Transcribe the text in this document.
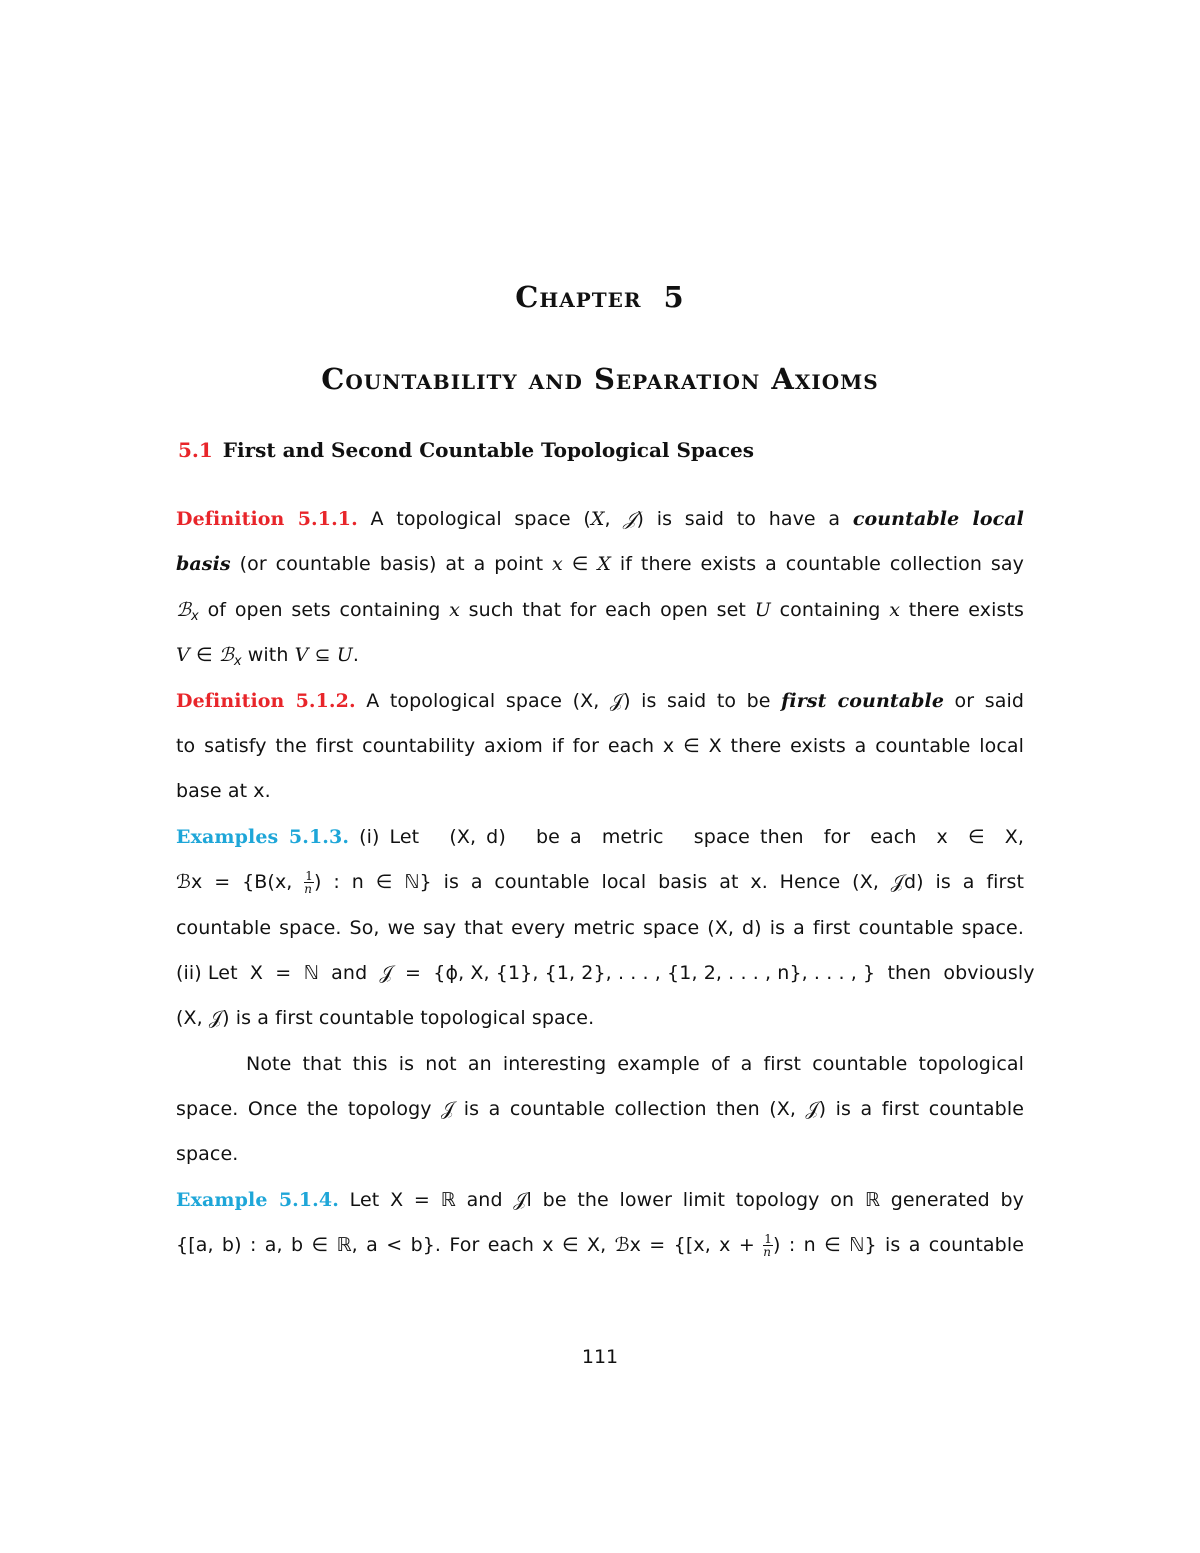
Chapter 5
Countability and Separation Axioms
5.1 First and Second Countable Topological Spaces
Definition 5.1.1. A topological space (X, 𝒥) is said to have a countable local
basis (or countable basis) at a point x ∈ X if there exists a countable collection say
ℬ$_x$ of open sets containing x such that for each open set U containing x there exists
V ∈ ℬ$_x$ with V ⊆ U.
Definition 5.1.2. A topological space (X, 𝒥) is said to be first countable or said
to satisfy the first countability axiom if for each x ∈ X there exists a countable local
base at x.
Examples 5.1.3. (i) Let   (X, d)   be a  metric   space then  for  each  x  ∈  X,
ℬx = {B(x, $\frac{1}{n}$ ) : n ∈ ℕ} is a countable local basis at x. Hence (X, 𝒥d) is a first
countable space. So, we say that every metric space (X, d) is a first countable space.
(ii) Let  X  =  ℕ  and  𝒥  =  {ϕ, X, {1}, {1, 2}, . . . , {1, 2, . . . , n}, . . . , }  then  obviously
(X, 𝒥) is a first countable topological space.
Note that this is not an interesting example of a first countable topological
space. Once the topology 𝒥 is a countable collection then (X, 𝒥) is a first countable
space.
Example 5.1.4. Let X = ℝ and 𝒥l be the lower limit topology on ℝ generated by
{[a, b) : a, b ∈ ℝ, a < b}. For each x ∈ X, ℬx = {[x, $x + \frac{1}{n}$ ) : n ∈ ℕ} is a countable
111
